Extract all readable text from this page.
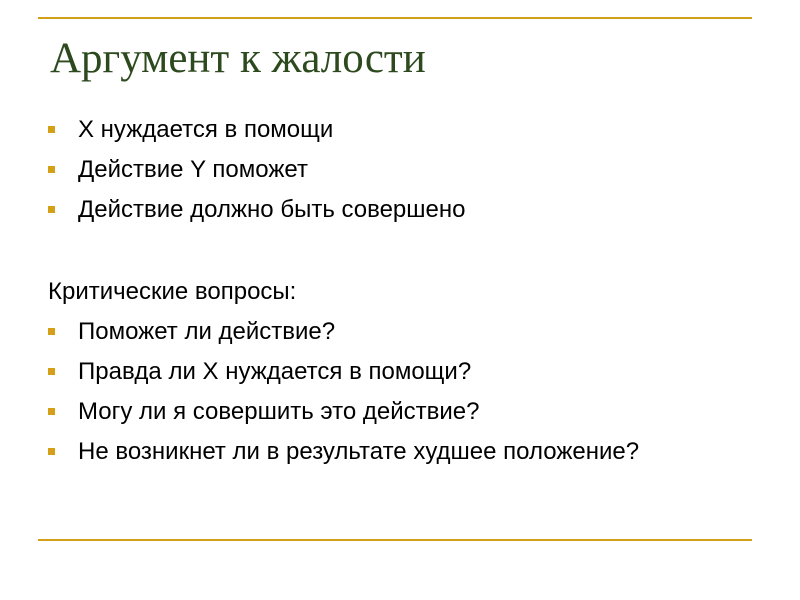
Аргумент к жалости
X нуждается в помощи
Действие Y поможет
Действие должно быть совершено
Критические вопросы:
Поможет ли действие?
Правда ли X нуждается в помощи?
Могу ли я совершить это действие?
Не возникнет ли в результате худшее положение?
